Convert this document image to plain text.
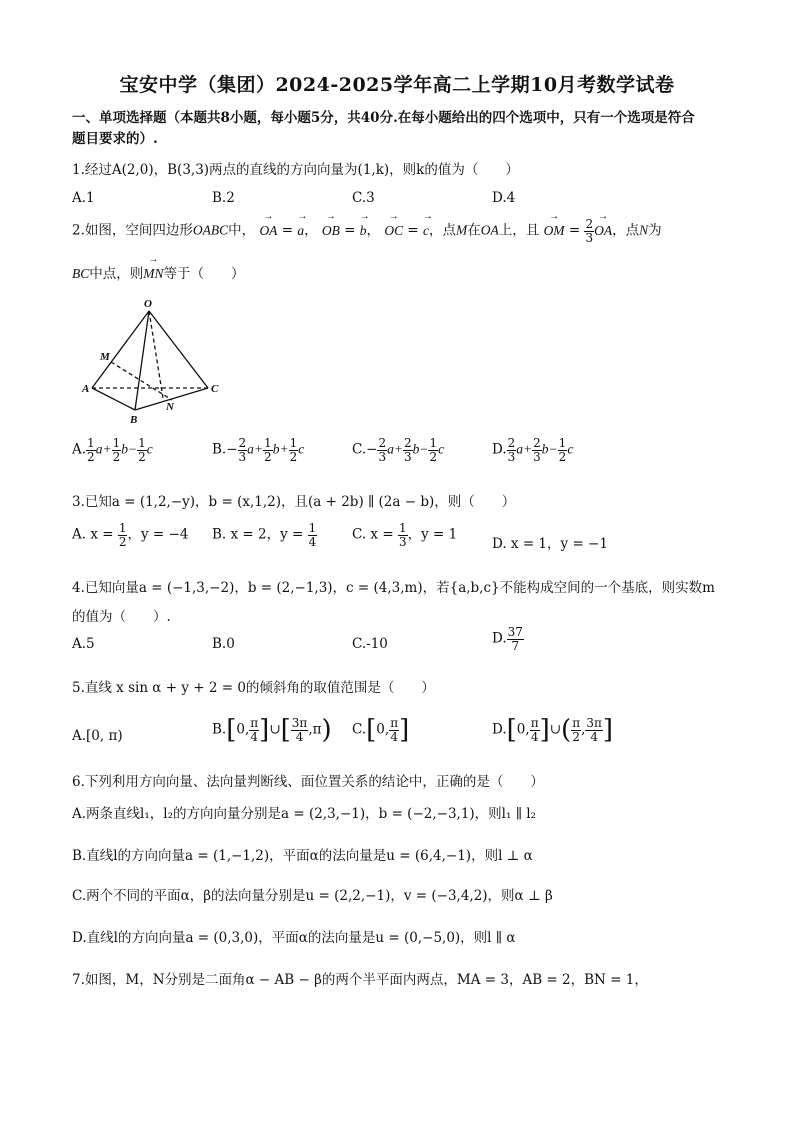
宝安中学（集团）2024-2025学年高二上学期10月考数学试卷
一、单项选择题（本题共8小题，每小题5分，共40分.在每小题给出的四个选项中，只有一个选项是符合
题目要求的）.
1.经过A(2,0)，B(3,3)两点的直线的方向向量为(1,k)，则k的值为（　　）
A.1	B.2	C.3	D.4
2.如图，空间四边形OABC中， → OA = → a， → OB = → b， → OC = → c，点M在OA上，且 → OM = $\frac{2}{3}$ → OA，点N为
BC中点，则→ MN等于（　　）
O
M
A
B
N
C
A. $\frac{1}{2} a+ \frac{1}{2} b- \frac{1}{2}$ c	$B.- \frac{2}{3} a+ \frac{1}{2} b+ \frac{1}{2}$ c	$C.- \frac{2}{3} a+ \frac{2}{3} b- \frac{1}{2}$ c	D. $\frac{2}{3} a+ \frac{2}{3} b- \frac{1}{2}$ c
3.已知a = (1,2,−y)，b = (x,1,2)，且(a + 2b) ∥ (2a − b)，则（　　）
A. $x = \frac{1}{2}$ ，y = −4 B. x = 2，$y = \frac{1}{4}$	C. $x = \frac{1}{3}$ ，y = 1
D. x = 1，y = −1
4.已知向量a = (−1,3,−2)，b = (2,−1,3)，c = (4,3,m)，若{a,b,c}不能构成空间的一个基底，则实数m
的值为（　　）.
A.5	B.0	C.-10	D. $\frac{37}{7}$
5.直线 x sin α + y + 2 = 0的倾斜角的取值范围是（　　）
A.[0, π)	B.[0, $\frac{\pi}{4}$ ]∪[ $\frac{3\pi}{4} ,\pi$) C.[0, $\frac{\pi}{4}$ ]	D.[0, $\frac{\pi}{4}$ ]∪( $\frac{\pi}{2}$ , $\frac{3\pi}{4}$ ]
6.下列利用方向向量、法向量判断线、面位置关系的结论中，正确的是（　　）
A.两条直线l₁，l₂的方向向量分别是a = (2,3,−1)，b = (−2,−3,1)，则l₁ ∥ l₂
B.直线l的方向向量a = (1,−1,2)，平面α的法向量是u = (6,4,−1)，则l ⊥ α
C.两个不同的平面α，β的法向量分别是u = (2,2,−1)，v = (−3,4,2)，则α ⊥ β
D.直线l的方向向量a = (0,3,0)，平面α的法向量是u = (0,−5,0)，则l ∥ α
7.如图，M，N分别是二面角α − AB − β的两个半平面内两点，MA = 3，AB = 2，BN = 1，
